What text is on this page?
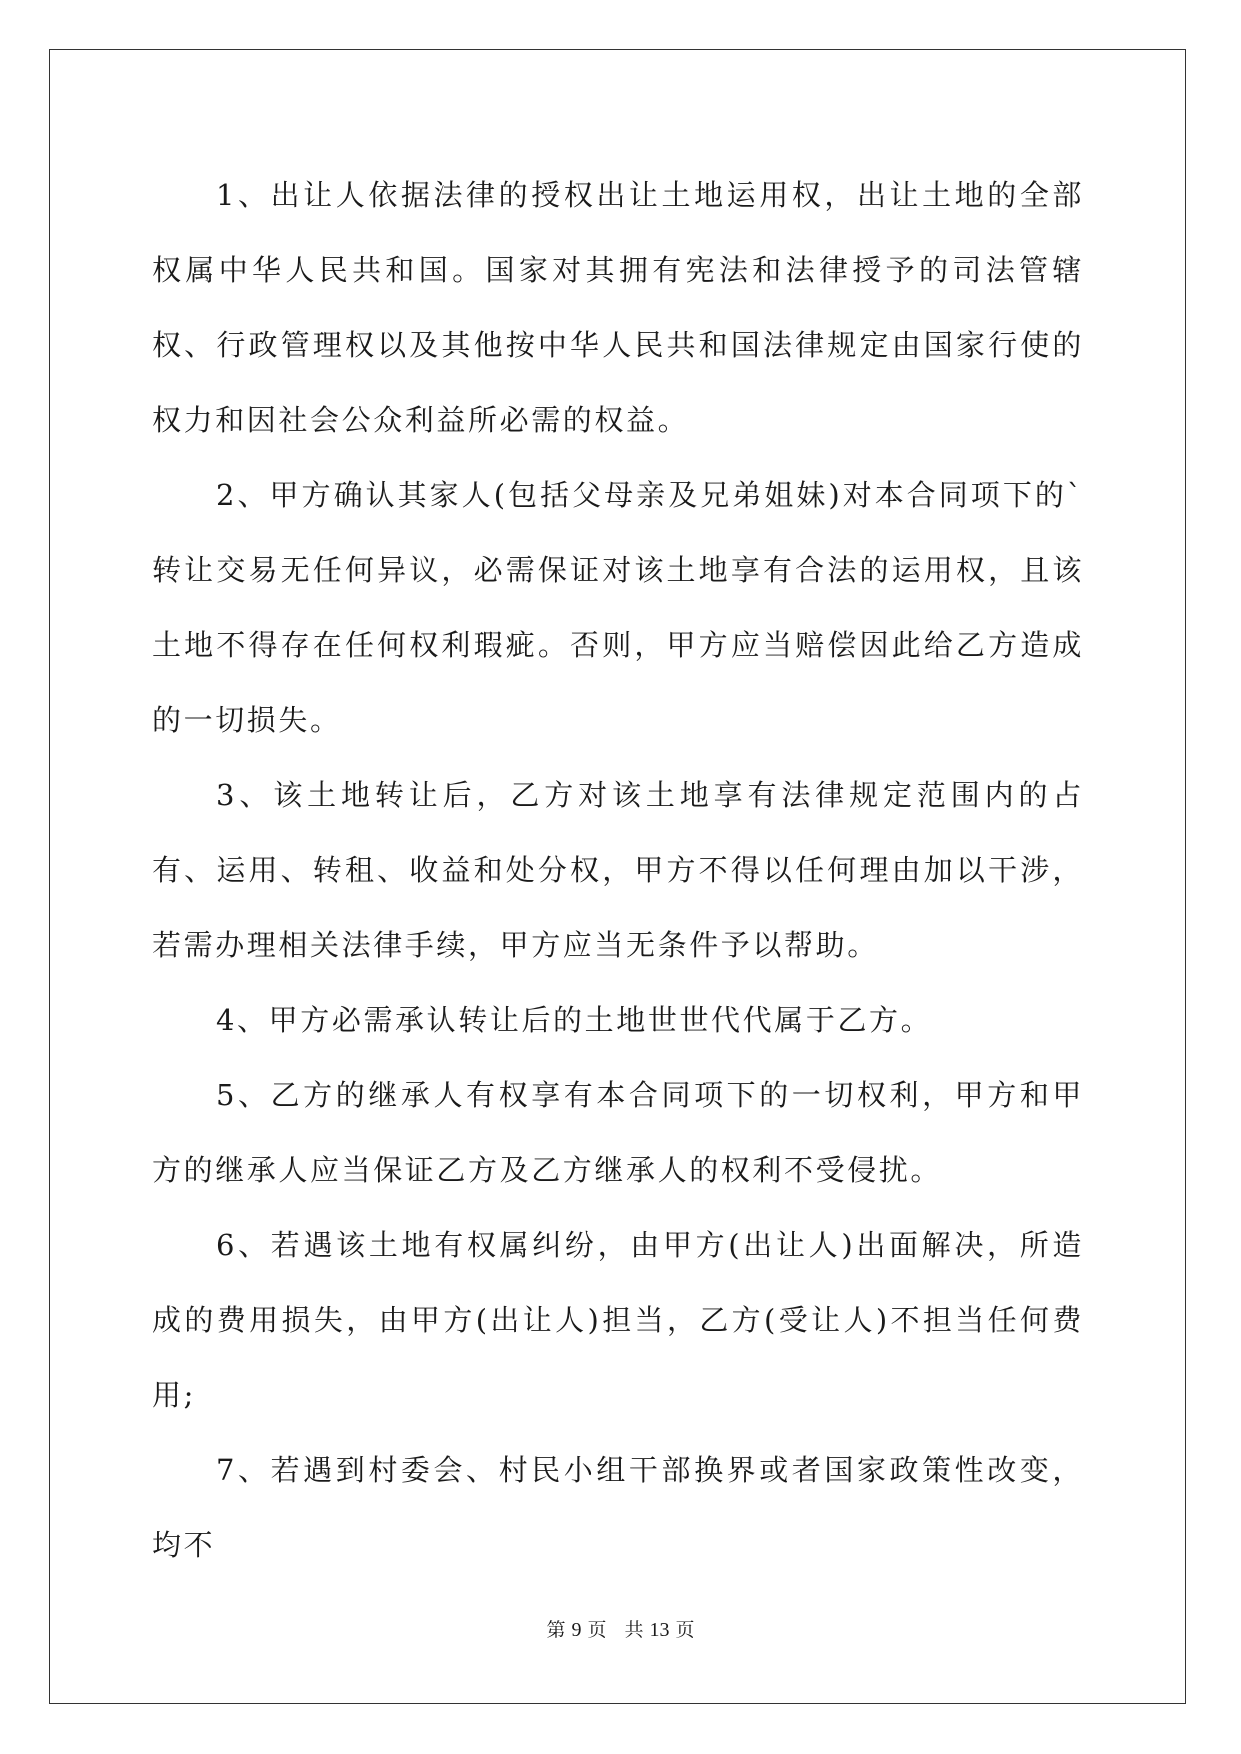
1、出让人依据法律的授权出让土地运用权，出让土地的全部权属中华人民共和国。国家对其拥有宪法和法律授予的司法管辖权、行政管理权以及其他按中华人民共和国法律规定由国家行使的权力和因社会公众利益所必需的权益。

2、甲方确认其家人(包括父母亲及兄弟姐妹)对本合同项下的`转让交易无任何异议，必需保证对该土地享有合法的运用权，且该土地不得存在任何权利瑕疵。否则，甲方应当赔偿因此给乙方造成的一切损失。

3、该土地转让后，乙方对该土地享有法律规定范围内的占有、运用、转租、收益和处分权，甲方不得以任何理由加以干涉，若需办理相关法律手续，甲方应当无条件予以帮助。

4、甲方必需承认转让后的土地世世代代属于乙方。

5、乙方的继承人有权享有本合同项下的一切权利，甲方和甲方的继承人应当保证乙方及乙方继承人的权利不受侵扰。

6、若遇该土地有权属纠纷，由甲方(出让人)出面解决，所造成的费用损失，由甲方(出让人)担当，乙方(受让人)不担当任何费用;

7、若遇到村委会、村民小组干部换界或者国家政策性改变，均不

第 9 页 共 13 页
